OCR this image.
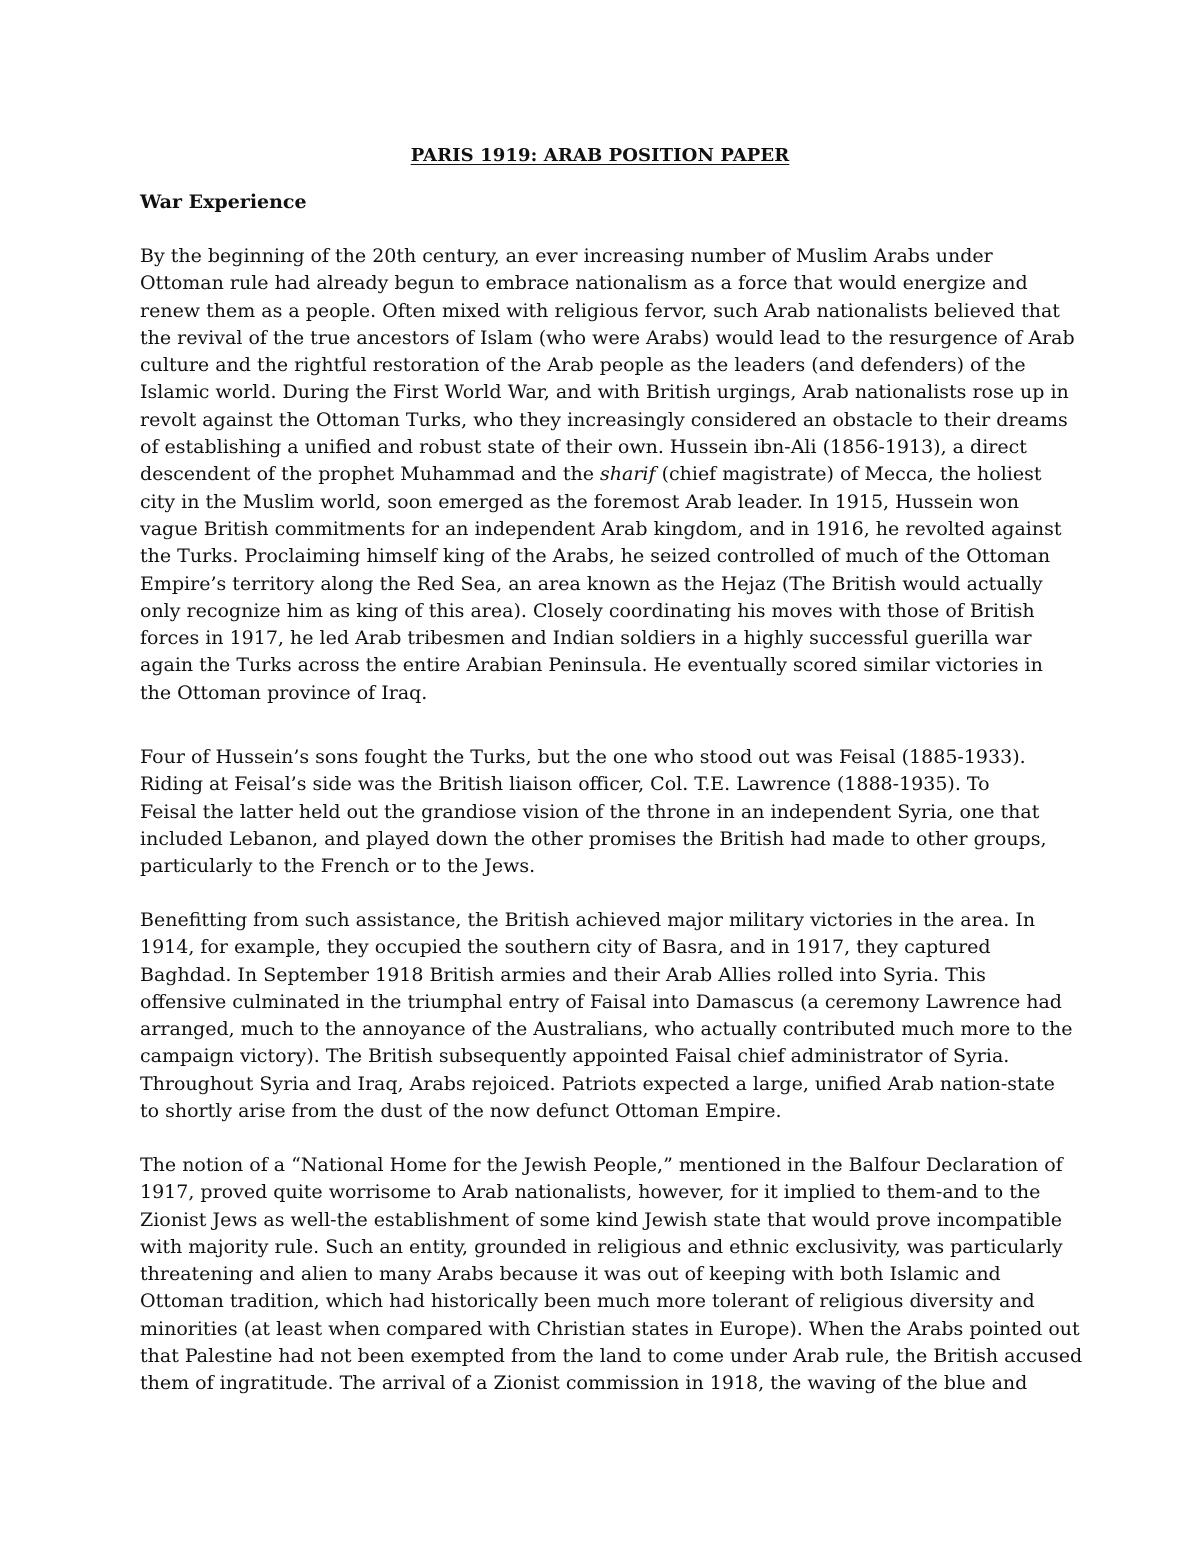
PARIS 1919: ARAB POSITION PAPER
War Experience

By the beginning of the 20th century, an ever increasing number of Muslim Arabs under
Ottoman rule had already begun to embrace nationalism as a force that would energize and
renew them as a people. Often mixed with religious fervor, such Arab nationalists believed that
the revival of the true ancestors of Islam (who were Arabs) would lead to the resurgence of Arab
culture and the rightful restoration of the Arab people as the leaders (and defenders) of the
Islamic world. During the First World War, and with British urgings, Arab nationalists rose up in
revolt against the Ottoman Turks, who they increasingly considered an obstacle to their dreams
of establishing a unified and robust state of their own. Hussein ibn-Ali (1856-1913), a direct
descendent of the prophet Muhammad and the sharif (chief magistrate) of Mecca, the holiest
city in the Muslim world, soon emerged as the foremost Arab leader. In 1915, Hussein won
vague British commitments for an independent Arab kingdom, and in 1916, he revolted against
the Turks. Proclaiming himself king of the Arabs, he seized controlled of much of the Ottoman
Empire’s territory along the Red Sea, an area known as the Hejaz (The British would actually
only recognize him as king of this area). Closely coordinating his moves with those of British
forces in 1917, he led Arab tribesmen and Indian soldiers in a highly successful guerilla war
again the Turks across the entire Arabian Peninsula. He eventually scored similar victories in
the Ottoman province of Iraq.

Four of Hussein’s sons fought the Turks, but the one who stood out was Feisal (1885-1933).
Riding at Feisal’s side was the British liaison officer, Col. T.E. Lawrence (1888-1935). To
Feisal the latter held out the grandiose vision of the throne in an independent Syria, one that
included Lebanon, and played down the other promises the British had made to other groups,
particularly to the French or to the Jews.

Benefitting from such assistance, the British achieved major military victories in the area. In
1914, for example, they occupied the southern city of Basra, and in 1917, they captured
Baghdad. In September 1918 British armies and their Arab Allies rolled into Syria. This
offensive culminated in the triumphal entry of Faisal into Damascus (a ceremony Lawrence had
arranged, much to the annoyance of the Australians, who actually contributed much more to the
campaign victory). The British subsequently appointed Faisal chief administrator of Syria.
Throughout Syria and Iraq, Arabs rejoiced. Patriots expected a large, unified Arab nation-state
to shortly arise from the dust of the now defunct Ottoman Empire.

The notion of a “National Home for the Jewish People,” mentioned in the Balfour Declaration of
1917, proved quite worrisome to Arab nationalists, however, for it implied to them-and to the
Zionist Jews as well-the establishment of some kind Jewish state that would prove incompatible
with majority rule. Such an entity, grounded in religious and ethnic exclusivity, was particularly
threatening and alien to many Arabs because it was out of keeping with both Islamic and
Ottoman tradition, which had historically been much more tolerant of religious diversity and
minorities (at least when compared with Christian states in Europe). When the Arabs pointed out
that Palestine had not been exempted from the land to come under Arab rule, the British accused
them of ingratitude. The arrival of a Zionist commission in 1918, the waving of the blue and
